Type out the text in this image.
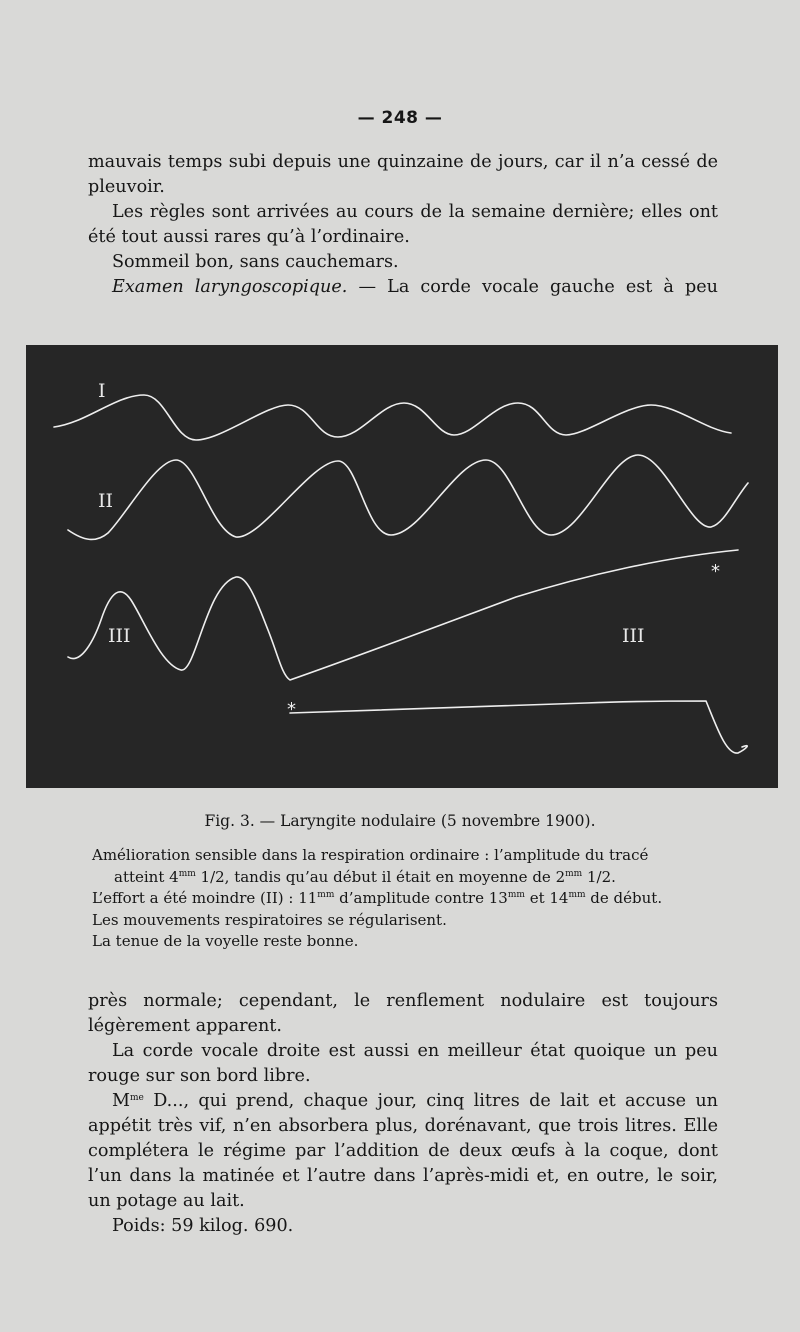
— 248 —

mauvais temps subi depuis une quinzaine de jours, car il n’a cessé de pleuvoir.

Les règles sont arrivées au cours de la semaine dernière; elles ont été tout aussi rares qu’à l’ordinaire.

Sommeil bon, sans cauchemars.

Examen laryngoscopique. — La corde vocale gauche est à peu

I
II
III	III
*
*
Fig. 3. — Laryngite nodulaire (5 novembre 1900).

Amélioration sensible dans la respiration ordinaire : l’amplitude du tracé

atteint $4^{mm}$ 1/2, tandis qu’au début il était en moyenne de $2^{mm}$ 1/2.

L’effort a été moindre (II) : $11^{mm}$ d’amplitude contre $13^{mm}$ et $14^{mm}$ de début.

Les mouvements respiratoires se régularisent.

La tenue de la voyelle reste bonne.

près normale; cependant, le renflement nodulaire est toujours légèrement apparent.

La corde vocale droite est aussi en meilleur état quoique un peu rouge sur son bord libre.

$M^{me}$ D..., qui prend, chaque jour, cinq litres de lait et accuse un appétit très vif, n’en absorbera plus, dorénavant, que trois litres. Elle complétera le régime par l’addition de deux œufs à la coque, dont l’un dans la matinée et l’autre dans l’après-midi et, en outre, le soir, un potage au lait.

Poids: 59 kilog. 690.
